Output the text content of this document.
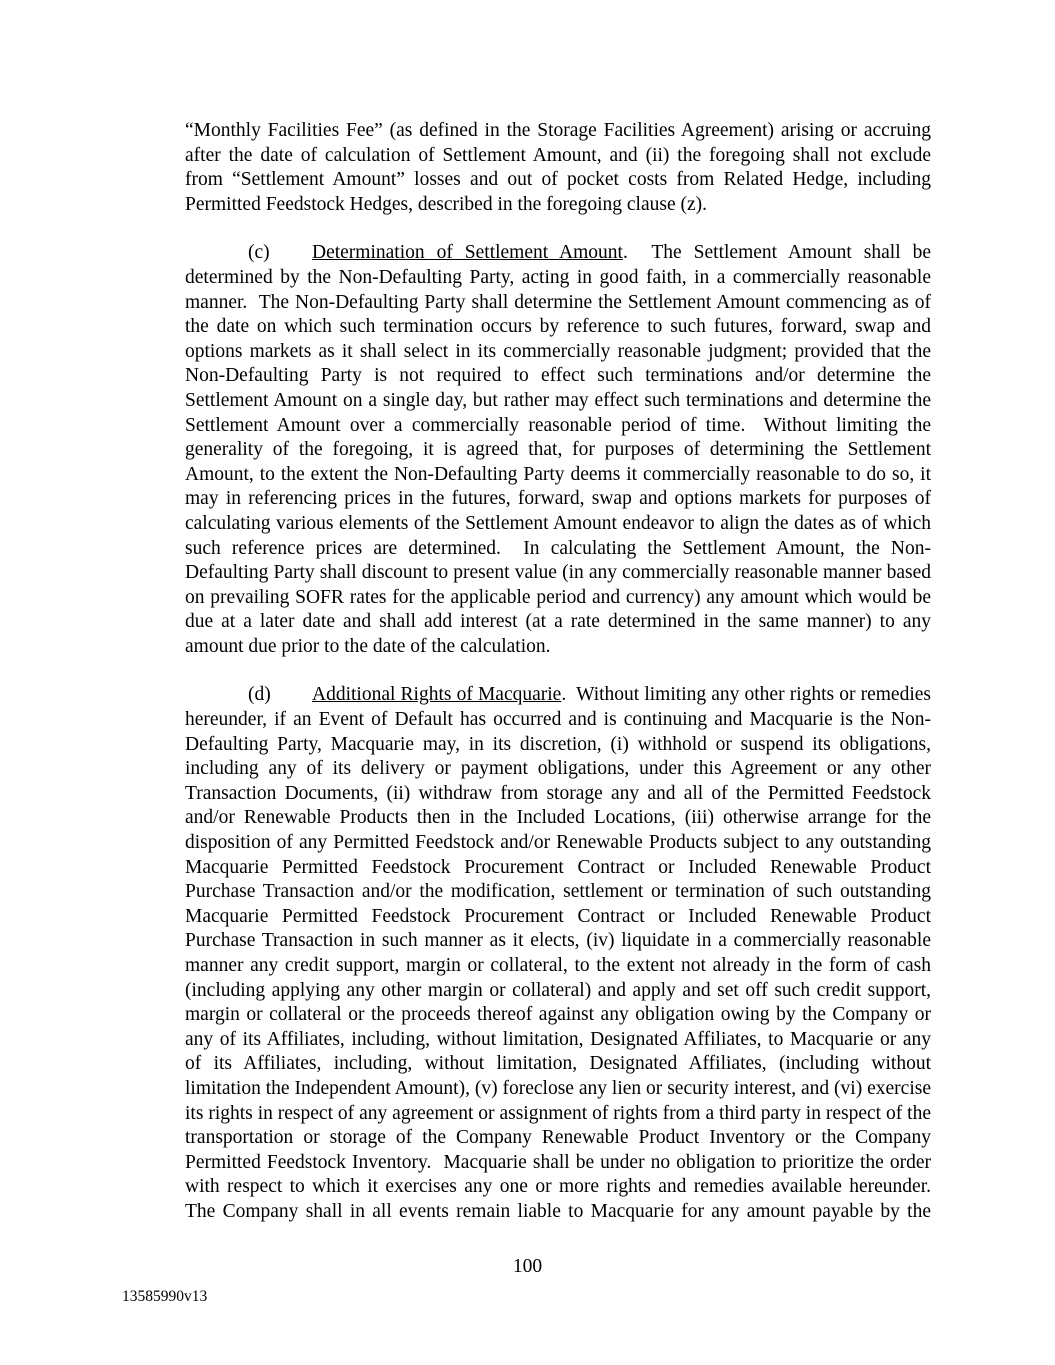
“Monthly Facilities Fee” (as defined in the Storage Facilities Agreement) arising or accruing after the date of calculation of Settlement Amount, and (ii) the foregoing shall not exclude from “Settlement Amount” losses and out of pocket costs from Related Hedge, including Permitted Feedstock Hedges, described in the foregoing clause (z).

(c) Determination of Settlement Amount.  The Settlement Amount shall be determined by the Non-Defaulting Party, acting in good faith, in a commercially reasonable manner.  The Non-Defaulting Party shall determine the Settlement Amount commencing as of the date on which such termination occurs by reference to such futures, forward, swap and options markets as it shall select in its commercially reasonable judgment; provided that the Non-Defaulting Party is not required to effect such terminations and/or determine the Settlement Amount on a single day, but rather may effect such terminations and determine the Settlement Amount over a commercially reasonable period of time.  Without limiting the generality of the foregoing, it is agreed that, for purposes of determining the Settlement Amount, to the extent the Non-Defaulting Party deems it commercially reasonable to do so, it may in referencing prices in the futures, forward, swap and options markets for purposes of calculating various elements of the Settlement Amount endeavor to align the dates as of which such reference prices are determined.  In calculating the Settlement Amount, the Non-Defaulting Party shall discount to present value (in any commercially reasonable manner based on prevailing SOFR rates for the applicable period and currency) any amount which would be due at a later date and shall add interest (at a rate determined in the same manner) to any amount due prior to the date of the calculation.

(d) Additional Rights of Macquarie.  Without limiting any other rights or remedies hereunder, if an Event of Default has occurred and is continuing and Macquarie is the Non-Defaulting Party, Macquarie may, in its discretion, (i) withhold or suspend its obligations, including any of its delivery or payment obligations, under this Agreement or any other Transaction Documents, (ii) withdraw from storage any and all of the Permitted Feedstock and/or Renewable Products then in the Included Locations, (iii) otherwise arrange for the disposition of any Permitted Feedstock and/or Renewable Products subject to any outstanding Macquarie Permitted Feedstock Procurement Contract or Included Renewable Product Purchase Transaction and/or the modification, settlement or termination of such outstanding Macquarie Permitted Feedstock Procurement Contract or Included Renewable Product Purchase Transaction in such manner as it elects, (iv) liquidate in a commercially reasonable manner any credit support, margin or collateral, to the extent not already in the form of cash (including applying any other margin or collateral) and apply and set off such credit support, margin or collateral or the proceeds thereof against any obligation owing by the Company or any of its Affiliates, including, without limitation, Designated Affiliates, to Macquarie or any of its Affiliates, including, without limitation, Designated Affiliates, (including without limitation the Independent Amount), (v) foreclose any lien or security interest, and (vi) exercise its rights in respect of any agreement or assignment of rights from a third party in respect of the transportation or storage of the Company Renewable Product Inventory or the Company Permitted Feedstock Inventory.  Macquarie shall be under no obligation to prioritize the order with respect to which it exercises any one or more rights and remedies available hereunder.  The Company shall in all events remain liable to Macquarie for any amount payable by the

100
13585990v13
